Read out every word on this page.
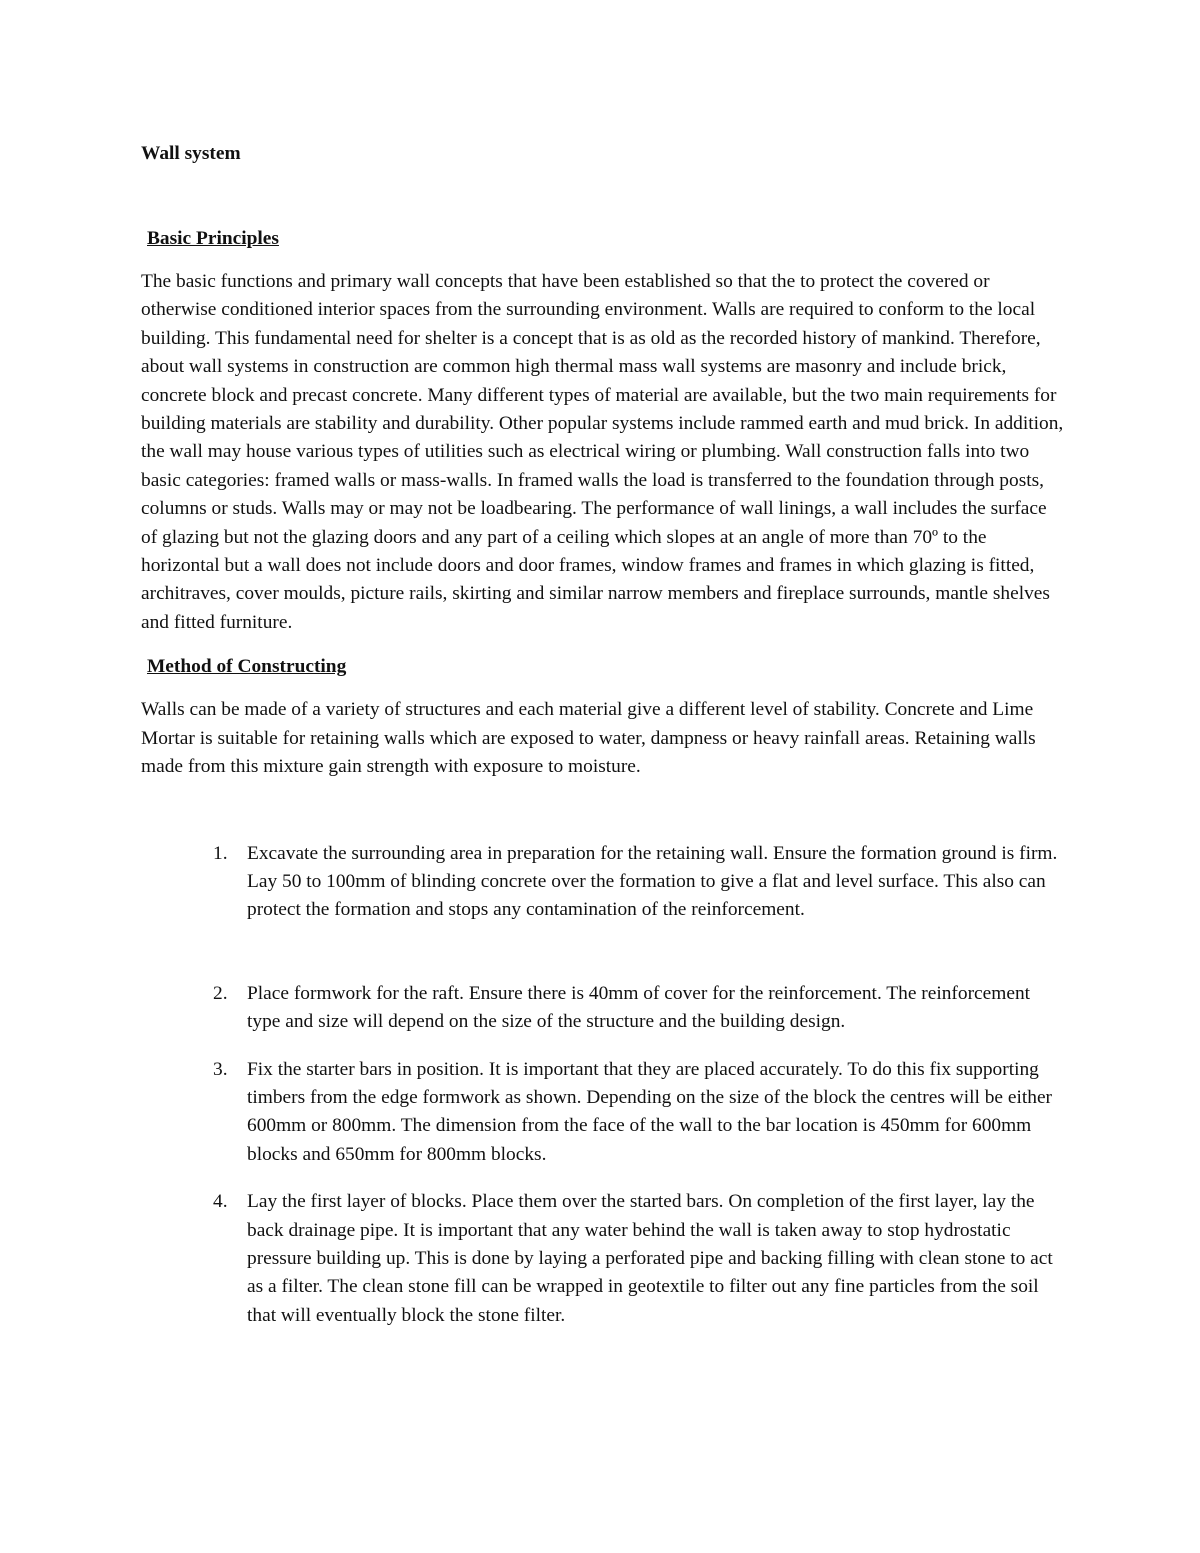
Wall system

Basic Principles

The basic functions and primary wall concepts that have been established so that the to protect the covered or otherwise conditioned interior spaces from the surrounding environment. Walls are required to conform to the local building. This fundamental need for shelter is a concept that is as old as the recorded history of mankind. Therefore, about wall systems in construction are common high thermal mass wall systems are masonry and include brick, concrete block and precast concrete. Many different types of material are available, but the two main requirements for building materials are stability and durability. Other popular systems include rammed earth and mud brick. In addition, the wall may house various types of utilities such as electrical wiring or plumbing. Wall construction falls into two basic categories: framed walls or mass-walls. In framed walls the load is transferred to the foundation through posts, columns or studs. Walls may or may not be loadbearing. The performance of wall linings, a wall includes the surface of glazing but not the glazing doors and any part of a ceiling which slopes at an angle of more than 70º to the horizontal but a wall does not include doors and door frames, window frames and frames in which glazing is fitted, architraves, cover moulds, picture rails, skirting and similar narrow members and fireplace surrounds, mantle shelves and fitted furniture.

Method of Constructing

Walls can be made of a variety of structures and each material give a different level of stability. Concrete and Lime Mortar is suitable for retaining walls which are exposed to water, dampness or heavy rainfall areas. Retaining walls made from this mixture gain strength with exposure to moisture.

1. Excavate the surrounding area in preparation for the retaining wall. Ensure the formation ground is firm. Lay 50 to 100mm of blinding concrete over the formation to give a flat and level surface. This also can protect the formation and stops any contamination of the reinforcement.
2. Place formwork for the raft. Ensure there is 40mm of cover for the reinforcement. The reinforcement type and size will depend on the size of the structure and the building design.
3. Fix the starter bars in position. It is important that they are placed accurately. To do this fix supporting timbers from the edge formwork as shown. Depending on the size of the block the centres will be either 600mm or 800mm. The dimension from the face of the wall to the bar location is 450mm for 600mm blocks and 650mm for 800mm blocks.
4. Lay the first layer of blocks. Place them over the started bars. On completion of the first layer, lay the back drainage pipe. It is important that any water behind the wall is taken away to stop hydrostatic pressure building up. This is done by laying a perforated pipe and backing filling with clean stone to act as a filter. The clean stone fill can be wrapped in geotextile to filter out any fine particles from the soil that will eventually block the stone filter.
